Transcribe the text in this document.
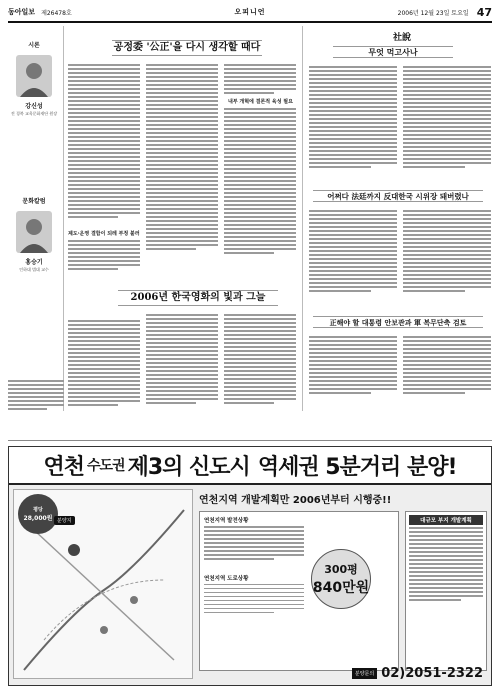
동아일보 제26478호	오피니언	2006년 12월 23일 토요일 47
시론
강신성
전 경북 교육문화재단 원장
문화칼럼
홍승기
인하대 법대 교수
공정委 '公正'을 다시 생각할 때다
제도·운영 결함이 되레 부정 불러
내부 개혁에 결론적 육성 필요
2006년 한국영화의 빛과 그늘
社說
무엇 먹고사나
어쩌다 法廷까지 反대한국 시위장 돼버렸나
正해야 할 대통령 안보관과 軍 복무단축 검토
연천 수도권 제3의 신도시 역세권 5분거리 분양!
평당
28,000원 분양지
연천지역 개발계획만 2006년부터 시행중!!
연천지역 발전상황
연천지역 도로상황
300평
840만원
대규모 부지 개발계획
분양문의 02)2051-2322
